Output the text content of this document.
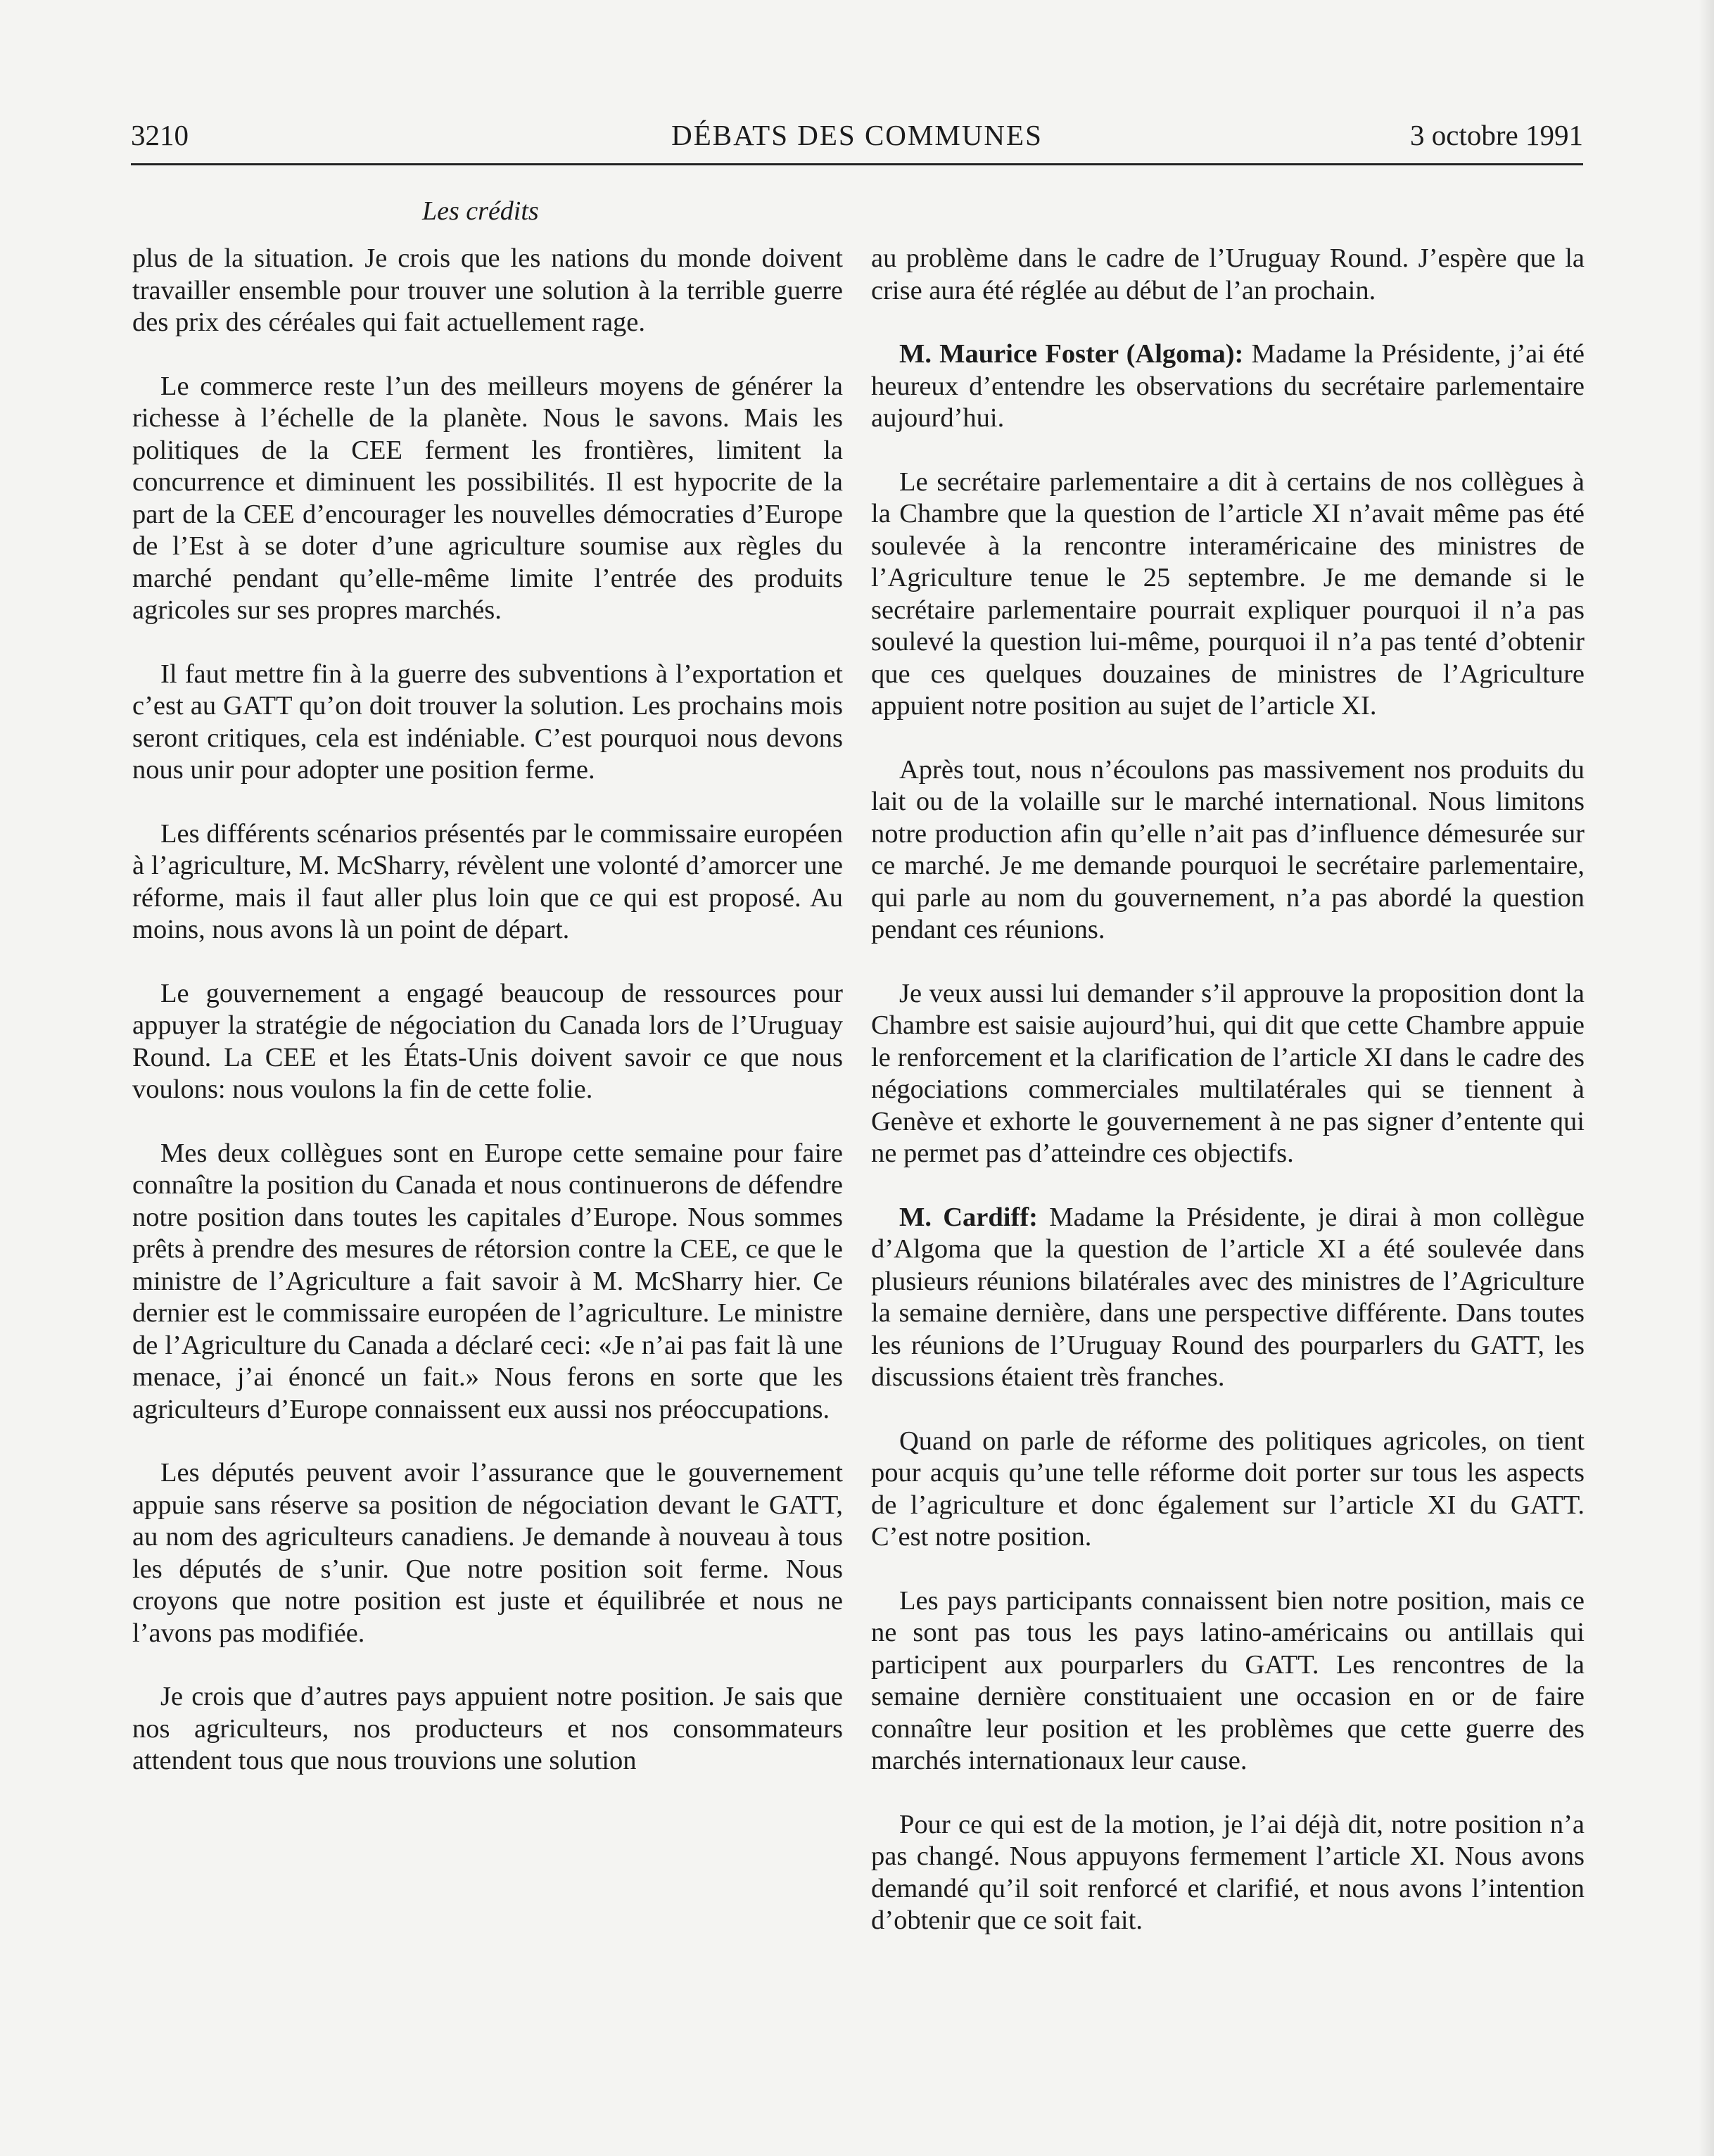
3210	DÉBATS DES COMMUNES	3 octobre 1991
Les crédits

plus de la situation. Je crois que les nations du monde doivent travailler ensemble pour trouver une solution à la terrible guerre des prix des céréales qui fait actuellement rage.

Le commerce reste l’un des meilleurs moyens de générer la richesse à l’échelle de la planète. Nous le savons. Mais les politiques de la CEE ferment les frontières, limitent la concurrence et diminuent les possibilités. Il est hypocrite de la part de la CEE d’encourager les nouvelles démocraties d’Europe de l’Est à se doter d’une agriculture soumise aux règles du marché pendant qu’elle-même limite l’entrée des produits agricoles sur ses propres marchés.

Il faut mettre fin à la guerre des subventions à l’exportation et c’est au GATT qu’on doit trouver la solution. Les prochains mois seront critiques, cela est indéniable. C’est pourquoi nous devons nous unir pour adopter une position ferme.

Les différents scénarios présentés par le commissaire européen à l’agriculture, M. McSharry, révèlent une volonté d’amorcer une réforme, mais il faut aller plus loin que ce qui est proposé. Au moins, nous avons là un point de départ.

Le gouvernement a engagé beaucoup de ressources pour appuyer la stratégie de négociation du Canada lors de l’Uruguay Round. La CEE et les États-Unis doivent savoir ce que nous voulons: nous voulons la fin de cette folie.

Mes deux collègues sont en Europe cette semaine pour faire connaître la position du Canada et nous continuerons de défendre notre position dans toutes les capitales d’Europe. Nous sommes prêts à prendre des mesures de rétorsion contre la CEE, ce que le ministre de l’Agriculture a fait savoir à M. McSharry hier. Ce dernier est le commissaire européen de l’agriculture. Le ministre de l’Agriculture du Canada a déclaré ceci: «Je n’ai pas fait là une menace, j’ai énoncé un fait.» Nous ferons en sorte que les agriculteurs d’Europe connaissent eux aussi nos préoccupations.

Les députés peuvent avoir l’assurance que le gouvernement appuie sans réserve sa position de négociation devant le GATT, au nom des agriculteurs canadiens. Je demande à nouveau à tous les députés de s’unir. Que notre position soit ferme. Nous croyons que notre position est juste et équilibrée et nous ne l’avons pas modifiée.

Je crois que d’autres pays appuient notre position. Je sais que nos agriculteurs, nos producteurs et nos consommateurs attendent tous que nous trouvions une solution

au problème dans le cadre de l’Uruguay Round. J’espère que la crise aura été réglée au début de l’an prochain.

M. Maurice Foster (Algoma): Madame la Présidente, j’ai été heureux d’entendre les observations du secrétaire parlementaire aujourd’hui.

Le secrétaire parlementaire a dit à certains de nos collègues à la Chambre que la question de l’article XI n’avait même pas été soulevée à la rencontre interaméricaine des ministres de l’Agriculture tenue le 25 septembre. Je me demande si le secrétaire parlementaire pourrait expliquer pourquoi il n’a pas soulevé la question lui-même, pourquoi il n’a pas tenté d’obtenir que ces quelques douzaines de ministres de l’Agriculture appuient notre position au sujet de l’article XI.

Après tout, nous n’écoulons pas massivement nos produits du lait ou de la volaille sur le marché international. Nous limitons notre production afin qu’elle n’ait pas d’influence démesurée sur ce marché. Je me demande pourquoi le secrétaire parlementaire, qui parle au nom du gouvernement, n’a pas abordé la question pendant ces réunions.

Je veux aussi lui demander s’il approuve la proposition dont la Chambre est saisie aujourd’hui, qui dit que cette Chambre appuie le renforcement et la clarification de l’article XI dans le cadre des négociations commerciales multilatérales qui se tiennent à Genève et exhorte le gouvernement à ne pas signer d’entente qui ne permet pas d’atteindre ces objectifs.

M. Cardiff: Madame la Présidente, je dirai à mon collègue d’Algoma que la question de l’article XI a été soulevée dans plusieurs réunions bilatérales avec des ministres de l’Agriculture la semaine dernière, dans une perspective différente. Dans toutes les réunions de l’Uruguay Round des pourparlers du GATT, les discussions étaient très franches.

Quand on parle de réforme des politiques agricoles, on tient pour acquis qu’une telle réforme doit porter sur tous les aspects de l’agriculture et donc également sur l’article XI du GATT. C’est notre position.

Les pays participants connaissent bien notre position, mais ce ne sont pas tous les pays latino-américains ou antillais qui participent aux pourparlers du GATT. Les rencontres de la semaine dernière constituaient une occasion en or de faire connaître leur position et les problèmes que cette guerre des marchés internationaux leur cause.

Pour ce qui est de la motion, je l’ai déjà dit, notre position n’a pas changé. Nous appuyons fermement l’article XI. Nous avons demandé qu’il soit renforcé et clarifié, et nous avons l’intention d’obtenir que ce soit fait.
